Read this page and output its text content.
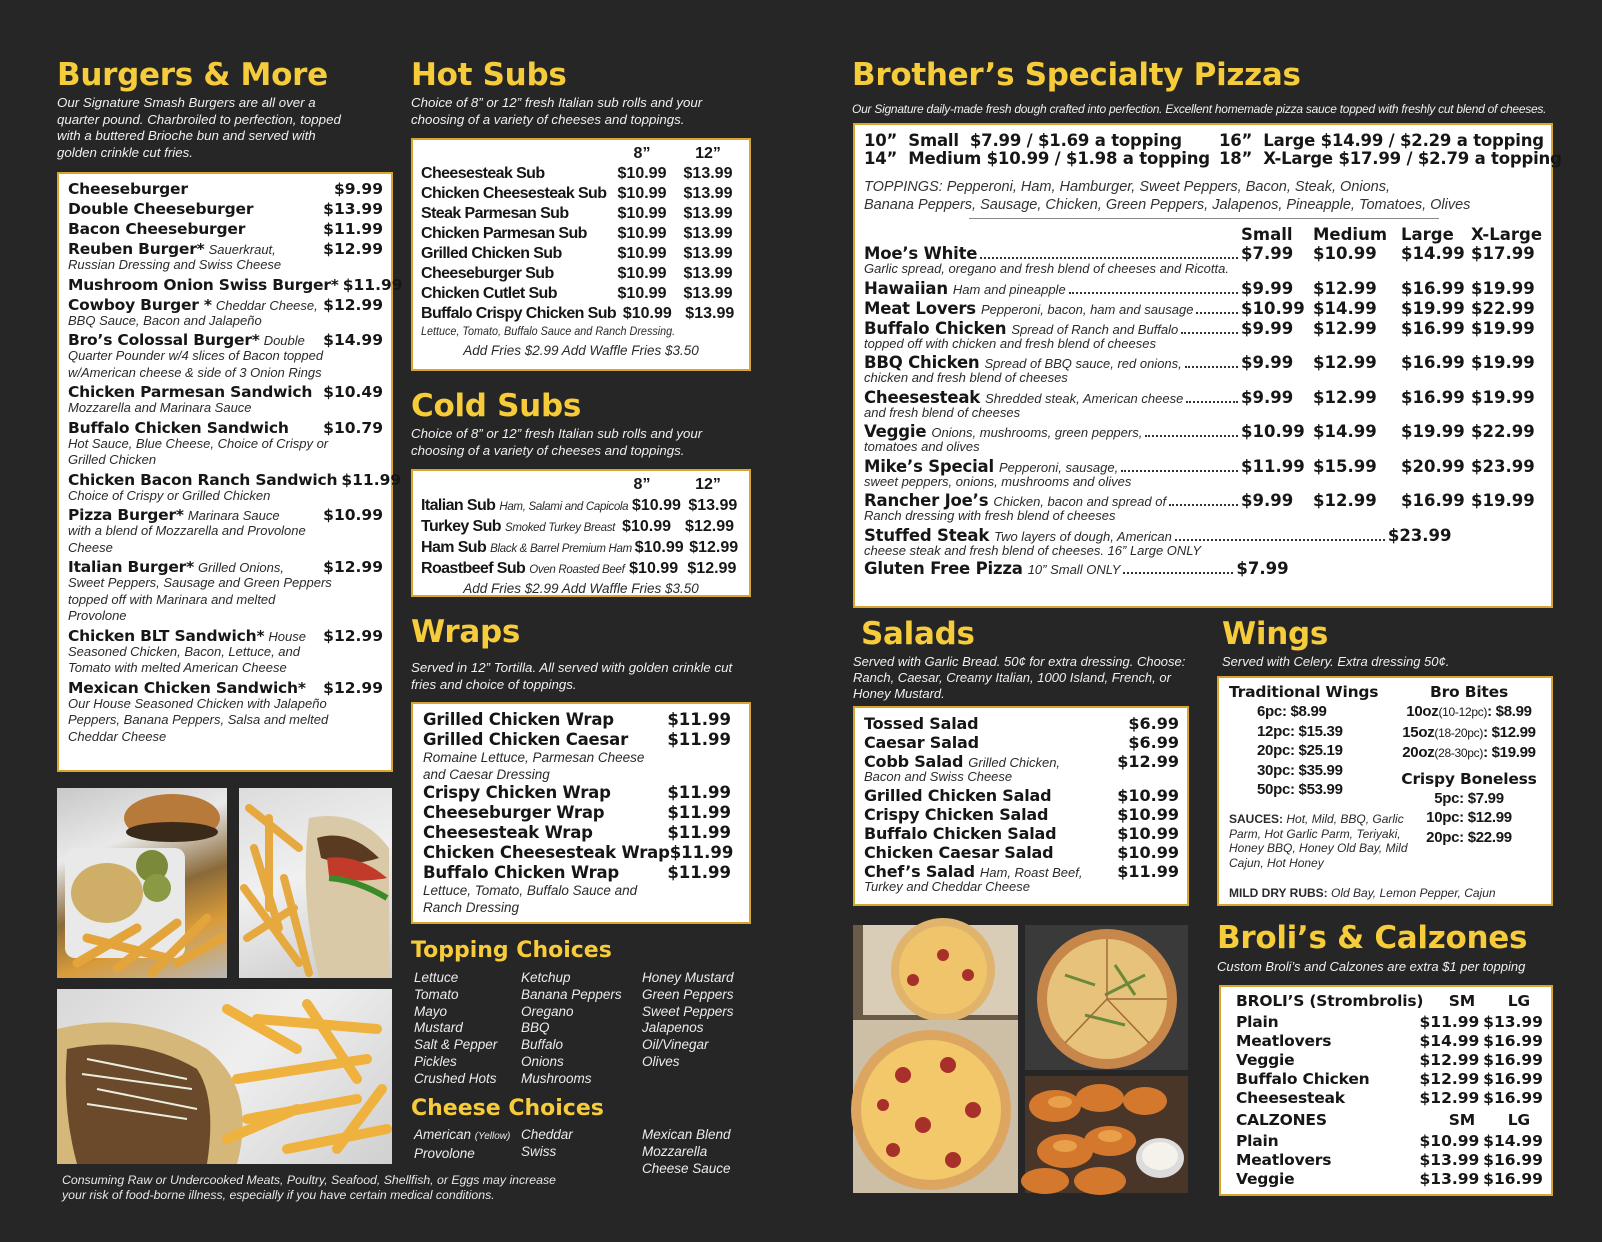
Burgers & More

Our Signature Smash Burgers are all over a quarter pound. Charbroiled to perfection, topped with a buttered Brioche bun and served with golden crinkle cut fries.

Cheeseburger	$9.99
Double Cheeseburger	$13.99
Bacon Cheeseburger	$11.99
Reuben Burger* Sauerkraut,	$12.99
Russian Dressing and Swiss Cheese
Mushroom Onion Swiss Burger* $11.99
Cowboy Burger * Cheddar Cheese, $12.99
BBQ Sauce, Bacon and Jalapeño
Bro’s Colossal Burger* Double	$14.99
Quarter Pounder w/4 slices of Bacon topped w/American cheese & side of 3 Onion Rings
Chicken Parmesan Sandwich $10.49
Mozzarella and Marinara Sauce
Buffalo Chicken Sandwich $10.79
Hot Sauce, Blue Cheese, Choice of Crispy or Grilled Chicken
Chicken Bacon Ranch Sandwich $11.99
Choice of Crispy or Grilled Chicken
Pizza Burger* Marinara Sauce	$10.99
with a blend of Mozzarella and Provolone Cheese
Italian Burger* Grilled Onions,	$12.99
Sweet Peppers, Sausage and Green Peppers topped off with Marinara and melted Provolone
Chicken BLT Sandwich* House	$12.99
Seasoned Chicken, Bacon, Lettuce, and Tomato with melted American Cheese
Mexican Chicken Sandwich* $12.99
Our House Seasoned Chicken with Jalapeño Peppers, Banana Peppers, Salsa and melted Cheddar Cheese

Consuming Raw or Undercooked Meats, Poultry, Seafood, Shellfish, or Eggs may increase your risk of food-borne illness, especially if you have certain medical conditions.

Hot Subs

Choice of 8” or 12” fresh Italian sub rolls and your choosing of a variety of cheeses and toppings.

8”	12”
Cheesesteak Sub	$10.99	$13.99
Chicken Cheesesteak Sub $10.99	$13.99
Steak Parmesan Sub	$10.99	$13.99
Chicken Parmesan Sub	$10.99	$13.99
Grilled Chicken Sub	$10.99	$13.99
Cheeseburger Sub	$10.99	$13.99
Chicken Cutlet Sub	$10.99	$13.99
Buffalo Crispy Chicken Sub $10.99 $13.99
Lettuce, Tomato, Buffalo Sauce and Ranch Dressing.
Add Fries $2.99 Add Waffle Fries $3.50
Cold Subs

Choice of 8” or 12” fresh Italian sub rolls and your choosing of a variety of cheeses and toppings.

8”	12”
Italian Sub Ham, Salami and Capicola $10.99 $13.99
Turkey Sub Smoked Turkey Breast $10.99 $12.99
Ham Sub Black & Barrel Premium Ham $10.99 $12.99
Roastbeef Sub Oven Roasted Beef $10.99 $12.99
Add Fries $2.99 Add Waffle Fries $3.50
Wraps

Served in 12” Tortilla. All served with golden crinkle cut fries and choice of toppings.

Grilled Chicken Wrap	$11.99
Grilled Chicken Caesar $11.99
Romaine Lettuce, Parmesan Cheese and Caesar Dressing
Crispy Chicken Wrap	$11.99
Cheeseburger Wrap	$11.99
Cheesesteak Wrap	$11.99
Chicken Cheesesteak Wrap $11.99
Buffalo Chicken Wrap	$11.99
Lettuce, Tomato, Buffalo Sauce and Ranch Dressing
Topping Choices
Lettuce
Tomato
Mayo
Mustard
Salt & Pepper
Pickles
Crushed Hots
Ketchup
Banana Peppers
Oregano
BBQ
Buffalo
Onions
Mushrooms
Honey Mustard
Green Peppers
Sweet Peppers
Jalapenos
Oil/Vinegar
Olives
Cheese Choices
American (Yellow)
Provolone
Cheddar
Swiss
Mexican Blend
Mozzarella
Cheese Sauce
Brother’s Specialty Pizzas

Our Signature daily-made fresh dough crafted into perfection. Excellent homemade pizza sauce topped with freshly cut blend of cheeses.

10”  Small  $7.99 / $1.69 a topping
14”  Medium $10.99 / $1.98 a topping
16”  Large $14.99 / $2.29 a topping
18”  X-Large $17.99 / $2.79 a topping
TOPPINGS: Pepperoni, Ham, Hamburger, Sweet Peppers, Bacon, Steak, Onions,
Banana Peppers, Sausage, Chicken, Green Peppers, Jalapenos, Pineapple, Tomatoes, Olives
Small	Medium Large	X-Large
Moe’s White	$7.99	$10.99	$14.99 $17.99
Garlic spread, oregano and fresh blend of cheeses and Ricotta.
Hawaiian Ham and pineapple	$9.99	$12.99	$16.99 $19.99
Meat Lovers Pepperoni, bacon, ham and sausage	$10.99 $14.99	$19.99 $22.99
Buffalo Chicken Spread of Ranch and Buffalo	$9.99	$12.99	$16.99 $19.99
topped off with chicken and fresh blend of cheeses
BBQ Chicken Spread of BBQ sauce, red onions,	$9.99	$12.99	$16.99 $19.99
chicken and fresh blend of cheeses
Cheesesteak Shredded steak, American cheese	$9.99	$12.99	$16.99 $19.99
and fresh blend of cheeses
Veggie Onions, mushrooms, green peppers,	$10.99 $14.99	$19.99 $22.99
tomatoes and olives
Mike’s Special Pepperoni, sausage,	$11.99 $15.99	$20.99 $23.99
sweet peppers, onions, mushrooms and olives
Rancher Joe’s Chicken, bacon and spread of	$9.99	$12.99	$16.99 $19.99
Ranch dressing with fresh blend of cheeses
Stuffed Steak Two layers of dough, American	$23.99
cheese steak and fresh blend of cheeses. 16” Large ONLY
Gluten Free Pizza 10” Small ONLY	$7.99
Salads

Served with Garlic Bread. 50¢ for extra dressing. Choose: Ranch, Caesar, Creamy Italian, 1000 Island, French, or Honey Mustard.

Tossed Salad	$6.99
Caesar Salad	$6.99
Cobb Salad Grilled Chicken,	$12.99
Bacon and Swiss Cheese
Grilled Chicken Salad	$10.99
Crispy Chicken Salad	$10.99
Buffalo Chicken Salad	$10.99
Chicken Caesar Salad	$10.99
Chef’s Salad Ham, Roast Beef,	$11.99
Turkey and Cheddar Cheese
Wings

Served with Celery. Extra dressing 50¢.

Traditional Wings
6pc: $8.99
12pc: $15.39
20pc: $25.19
30pc: $35.99
50pc: $53.99
Bro Bites
10oz(10-12pc): $8.99
15oz(18-20pc): $12.99
20oz(28-30pc): $19.99
Crispy Boneless
5pc: $7.99
10pc: $12.99
20pc: $22.99
SAUCES: Hot, Mild, BBQ, Garlic Parm, Hot Garlic Parm, Teriyaki, Honey BBQ, Honey Old Bay, Mild Cajun, Hot Honey
MILD DRY RUBS: Old Bay, Lemon Pepper, Cajun
Broli’s & Calzones

Custom Broli’s and Calzones are extra $1 per topping

BROLI’S (Strombrolis)	SM	LG
Plain	$11.99 $13.99
Meatlovers	$14.99 $16.99
Veggie	$12.99 $16.99
Buffalo Chicken	$12.99 $16.99
Cheesesteak	$12.99 $16.99
CALZONES	SM	LG
Plain	$10.99 $14.99
Meatlovers	$13.99 $16.99
Veggie	$13.99 $16.99
